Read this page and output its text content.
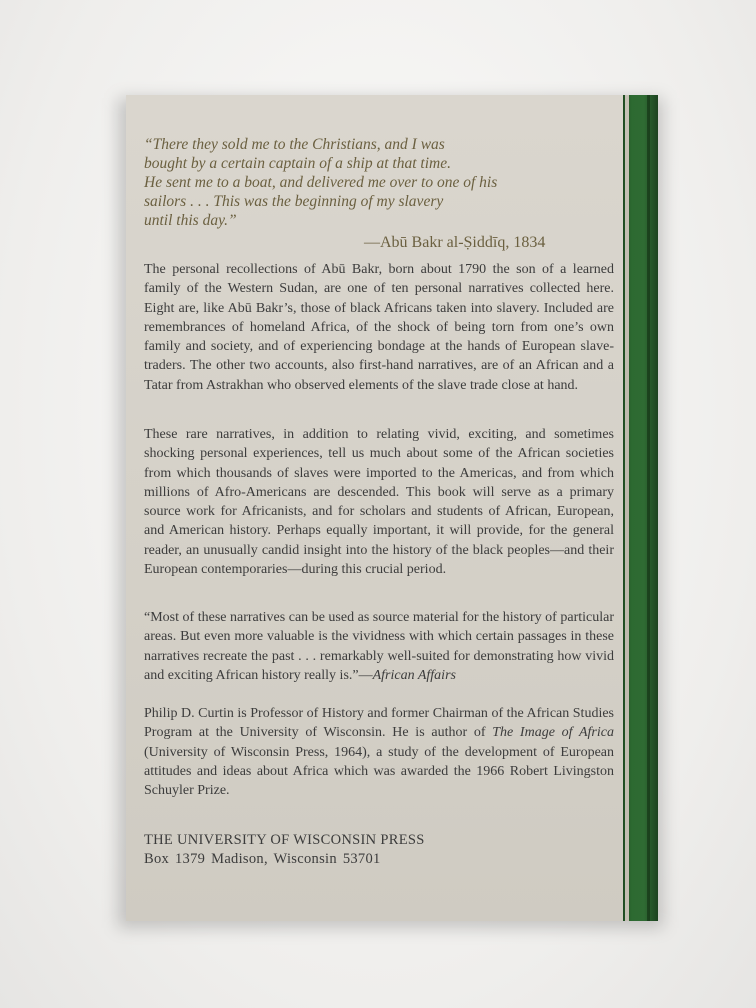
“There they sold me to the Christians, and I was
bought by a certain captain of a ship at that time.
He sent me to a boat, and delivered me over to one of his
sailors . . . This was the beginning of my slavery
until this day.”
—Abū Bakr al-Ṣiddīq, 1834
The personal recollections of Abū Bakr, born about 1790 the son of a learned family of the Western Sudan, are one of ten personal narratives collected here. Eight are, like Abū Bakr’s, those of black Africans taken into slavery. Included are remembrances of homeland Africa, of the shock of being torn from one’s own family and society, and of experiencing bondage at the hands of European slave-traders. The other two accounts, also first-hand narratives, are of an African and a Tatar from Astrakhan who observed elements of the slave trade close at hand.
These rare narratives, in addition to relating vivid, exciting, and sometimes shocking personal experiences, tell us much about some of the African societies from which thousands of slaves were imported to the Americas, and from which millions of Afro-Americans are descended. This book will serve as a primary source work for Africanists, and for scholars and students of African, European, and American history. Perhaps equally important, it will provide, for the general reader, an unusually candid insight into the history of the black peoples—and their European contemporaries—during this crucial period.
“Most of these narratives can be used as source material for the history of particular areas. But even more valuable is the vividness with which certain passages in these narratives recreate the past . . . remarkably well-suited for demonstrating how vivid and exciting African history really is.”—African Affairs
Philip D. Curtin is Professor of History and former Chairman of the African Studies Program at the University of Wisconsin. He is author of The Image of Africa (University of Wisconsin Press, 1964), a study of the development of European attitudes and ideas about Africa which was awarded the 1966 Robert Livingston Schuyler Prize.
THE UNIVERSITY OF WISCONSIN PRESS
Box 1379 Madison, Wisconsin 53701
